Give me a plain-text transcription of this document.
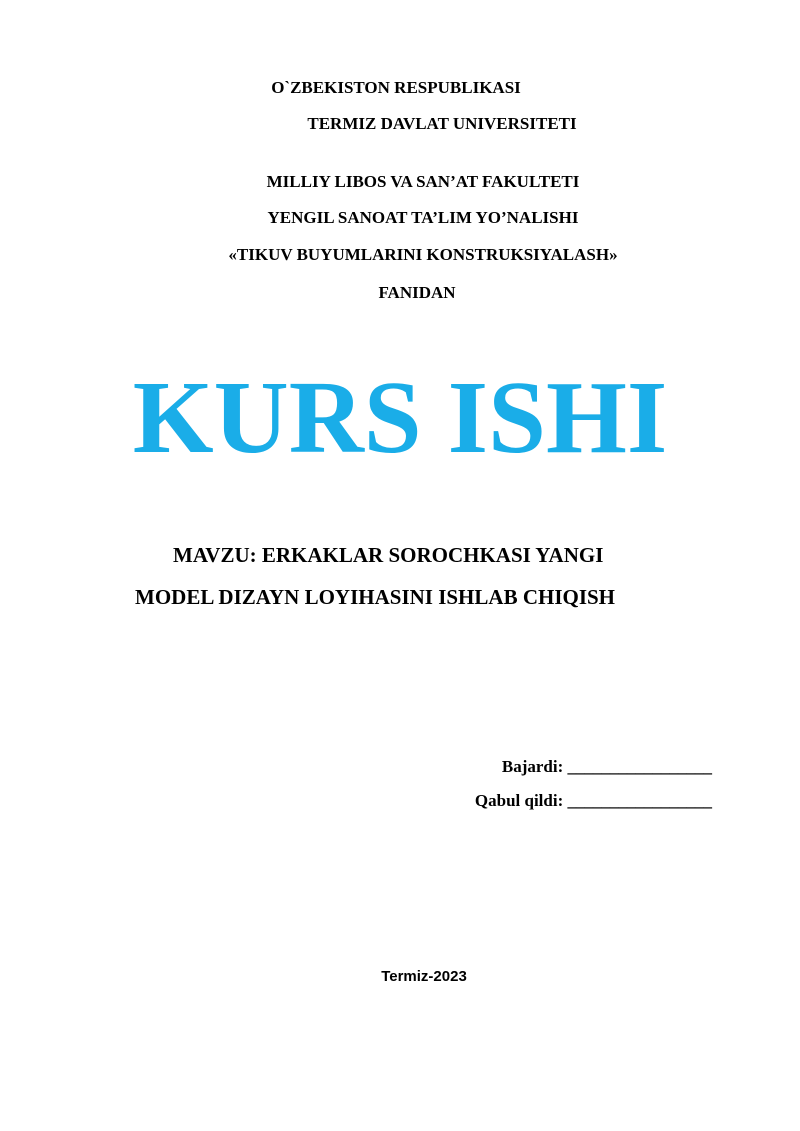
O`ZBEKISTON RESPUBLIKASI
TERMIZ DAVLAT UNIVERSITETI
MILLIY LIBOS VA SAN’AT FAKULTETI
YENGIL SANOAT TA’LIM YO’NALISHI
«TIKUV BUYUMLARINI KONSTRUKSIYALASH»
FANIDAN
KURS ISHI
MAVZU: ERKAKLAR SOROCHKASI YANGI
MODEL DIZAYN LOYIHASINI ISHLAB CHIQISH
Bajardi: _________________
Qabul qildi: _________________
Termiz-2023
